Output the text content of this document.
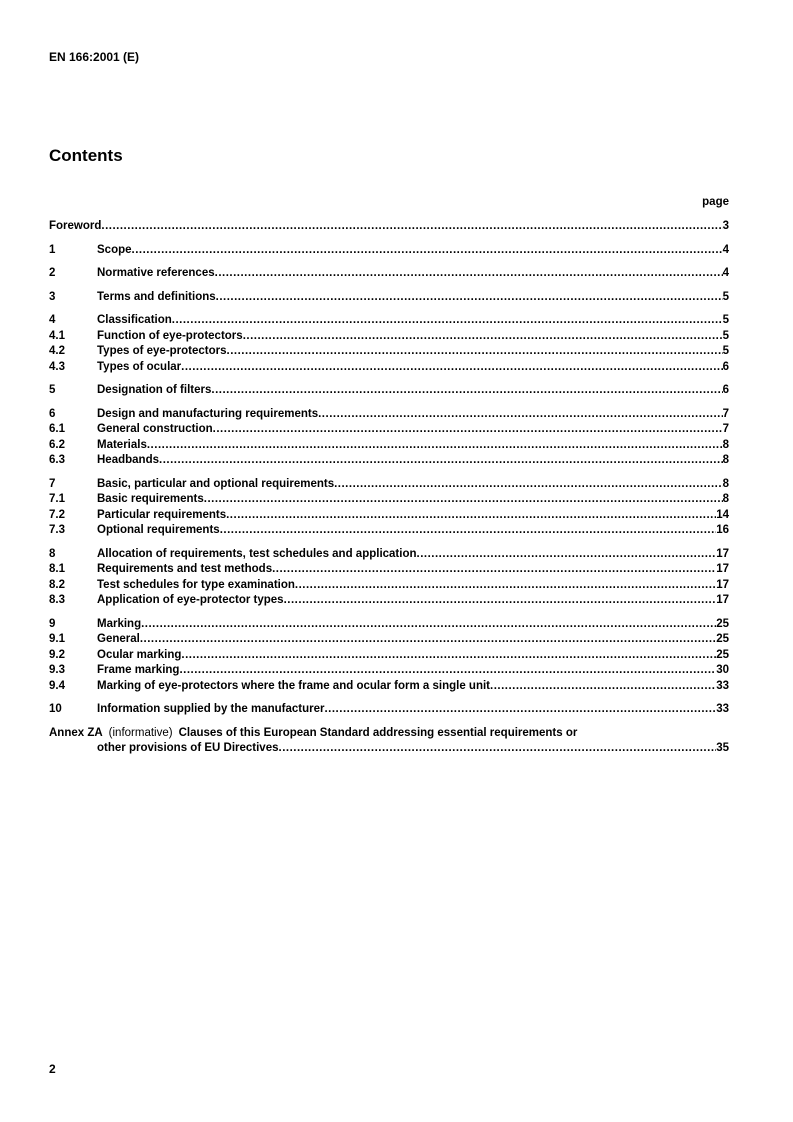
EN 166:2001 (E)
Contents
page
Foreword .....	3
1	Scope .....	4
2	Normative references .....	4
3	Terms and definitions .....	5
4	Classification .....	5
4.1	Function of eye-protectors .....	5
4.2	Types of eye-protectors .....	5
4.3	Types of ocular .....	6
5	Designation of filters .....	6
6	Design and manufacturing requirements .....	7
6.1	General construction .....	7
6.2	Materials .....	8
6.3	Headbands .....	8
7	Basic, particular and optional requirements .....	8
7.1	Basic requirements .....	8
7.2	Particular requirements .....	14
7.3	Optional requirements .....	16
8	Allocation of requirements, test schedules and application .....	17
8.1	Requirements and test methods .....	17
8.2	Test schedules for type examination .....	17
8.3	Application of eye-protector types .....	17
9	Marking .....	25
9.1	General .....	25
9.2	Ocular marking .....	25
9.3	Frame marking .....	30
9.4	Marking of eye-protectors where the frame and ocular form a single unit .....	33
10	Information supplied by the manufacturer .....	33
Annex ZA (informative) Clauses of this European Standard addressing essential requirements or
other provisions of EU Directives .....	35
2
